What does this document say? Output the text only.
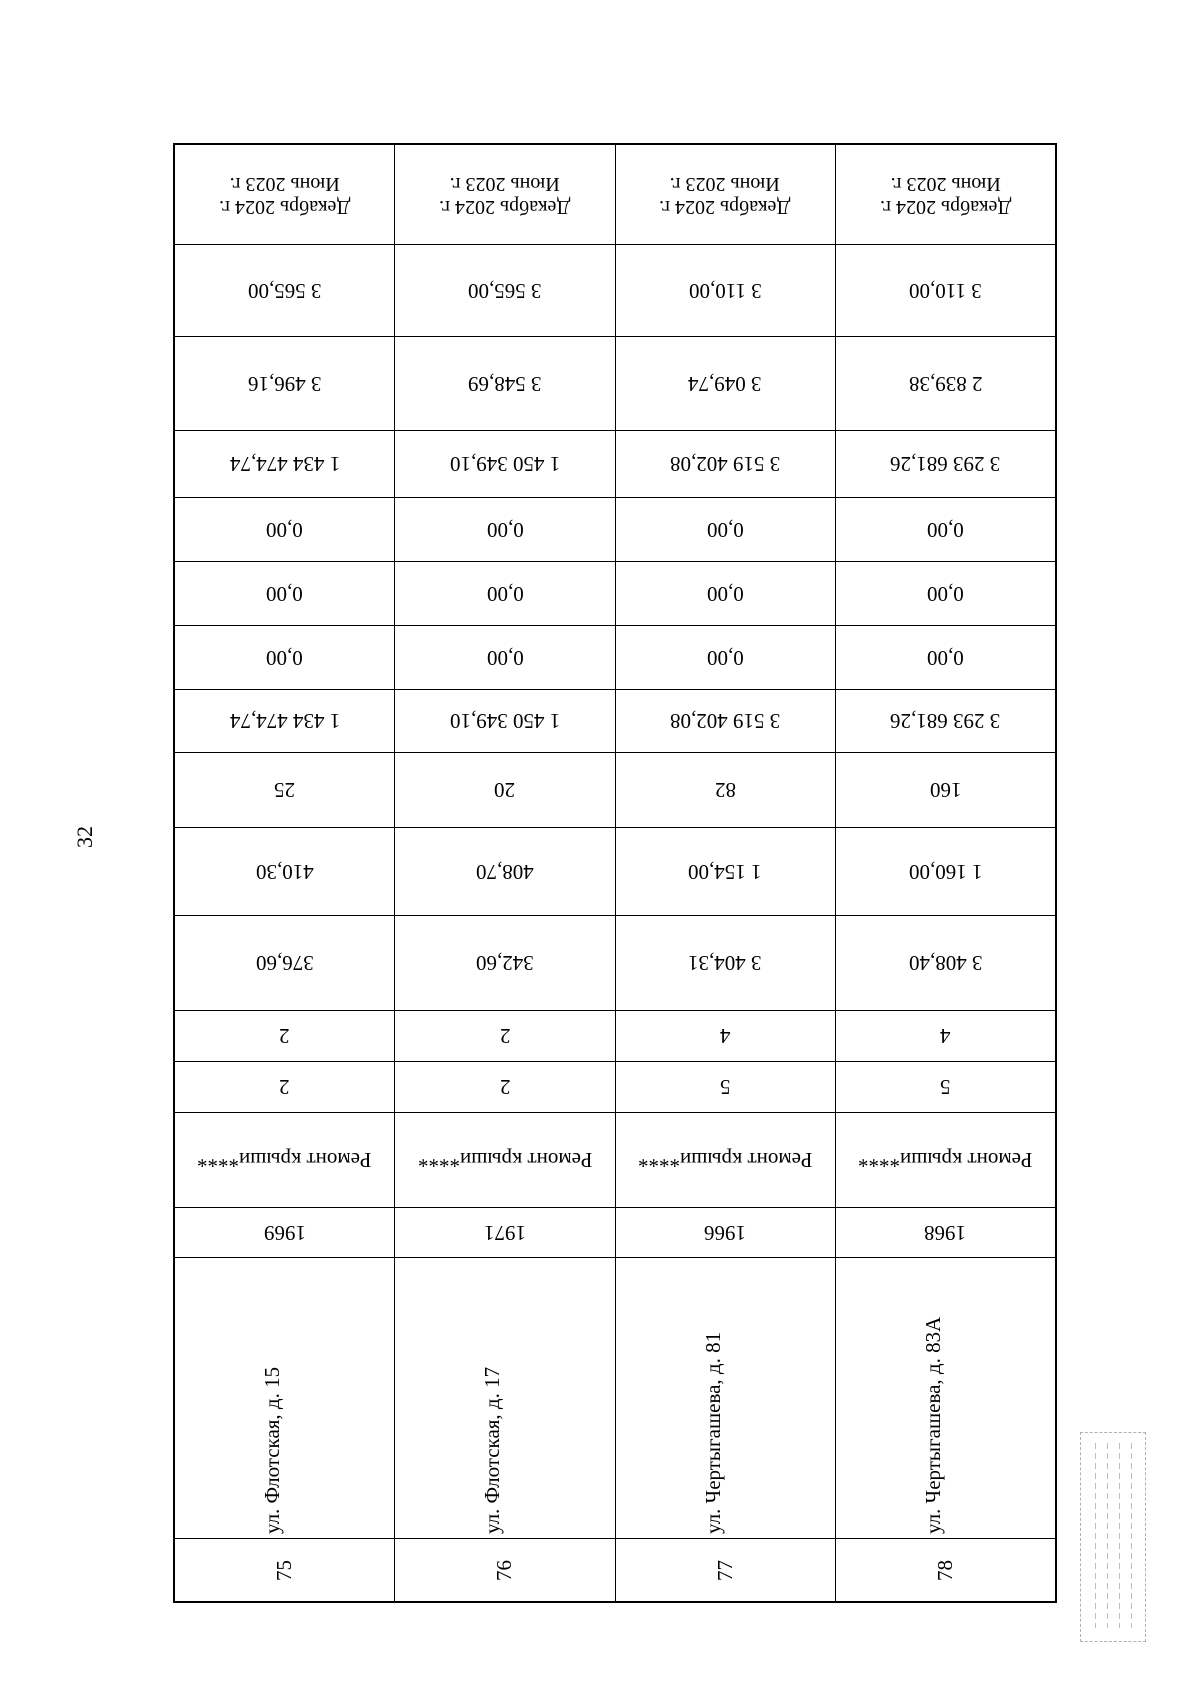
32
Декабрь 2024 г.
Июнь 2023 г.
3 565,00
3 496,16
1 434 474,74
0,00
0,00
0,00
1 434 474,74
25
410,30
376,60
2
2
Ремонт крыши****
1969
ул. Флотская, д. 15
75
Декабрь 2024 г.
Июнь 2023 г.
3 565,00
3 548,69
1 450 349,10
0,00
0,00
0,00
1 450 349,10
20
408,70
342,60
2
2
Ремонт крыши****
1971
ул. Флотская, д. 17
76
Декабрь 2024 г.
Июнь 2023 г.
3 110,00
3 049,74
3 519 402,08
0,00
0,00
0,00
3 519 402,08
82
1 154,00
3 404,31
4
5
Ремонт крыши****
1966
ул. Чертыгашева, д. 81
77
Декабрь 2024 г.
Июнь 2023 г.
3 110,00
2 839,38
3 293 681,26
0,00
0,00
0,00
3 293 681,26
160
1 160,00
3 408,40
4
5
Ремонт крыши****
1968
ул. Чертыгашева, д. 83А
78
